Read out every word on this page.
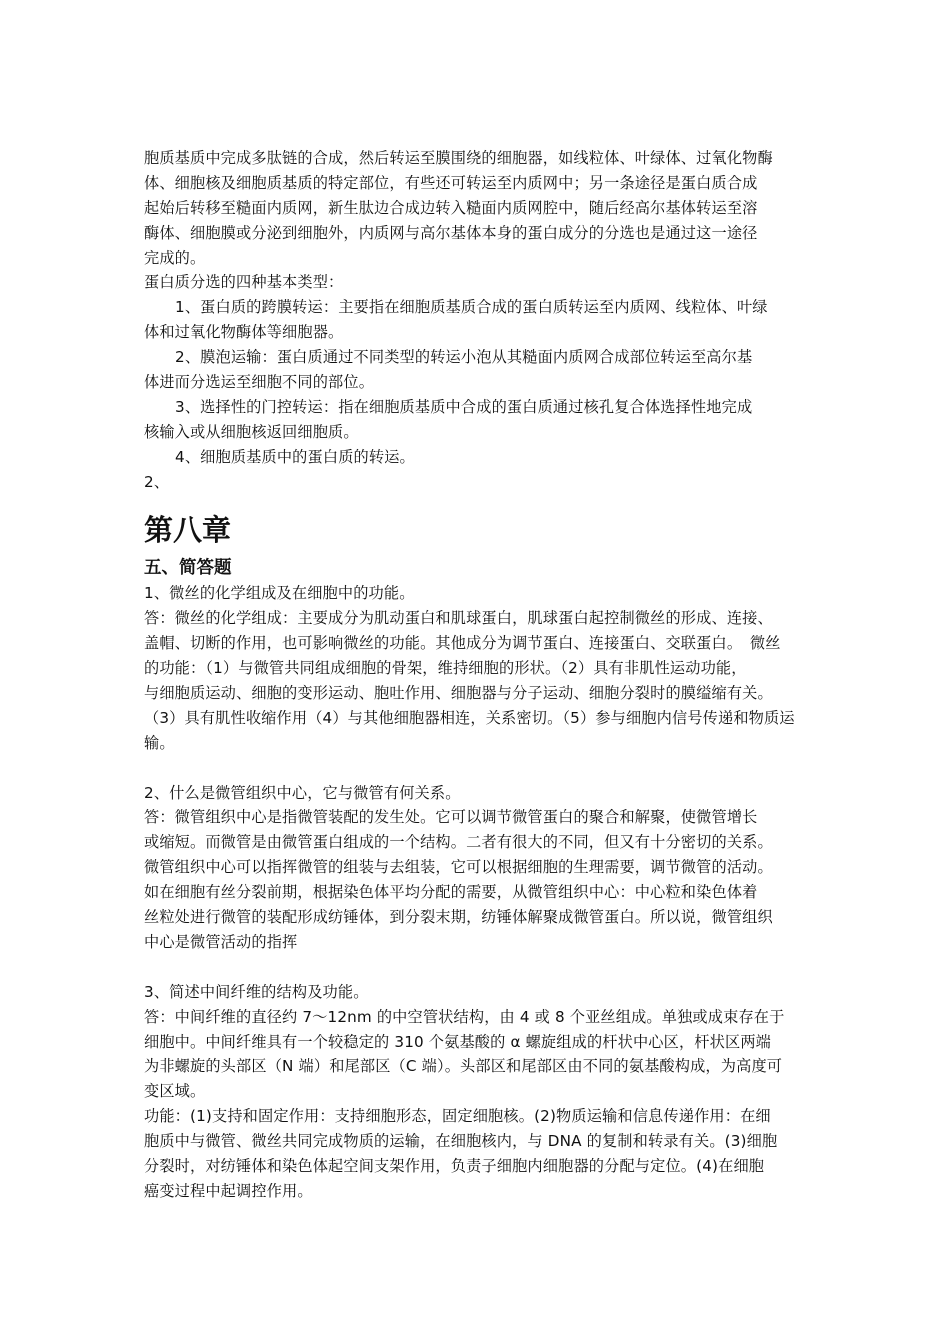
胞质基质中完成多肽链的合成，然后转运至膜围绕的细胞器，如线粒体、叶绿体、过氧化物酶
体、细胞核及细胞质基质的特定部位，有些还可转运至内质网中；另一条途径是蛋白质合成
起始后转移至糙面内质网，新生肽边合成边转入糙面内质网腔中，随后经高尔基体转运至溶
酶体、细胞膜或分泌到细胞外，内质网与高尔基体本身的蛋白成分的分选也是通过这一途径
完成的。
蛋白质分选的四种基本类型：
1、蛋白质的跨膜转运：主要指在细胞质基质合成的蛋白质转运至内质网、线粒体、叶绿
体和过氧化物酶体等细胞器。
2、膜泡运输：蛋白质通过不同类型的转运小泡从其糙面内质网合成部位转运至高尔基
体进而分选运至细胞不同的部位。
3、选择性的门控转运：指在细胞质基质中合成的蛋白质通过核孔复合体选择性地完成
核输入或从细胞核返回细胞质。
4、细胞质基质中的蛋白质的转运。
2、
第八章
五、简答题
1、微丝的化学组成及在细胞中的功能。
答：微丝的化学组成：主要成分为肌动蛋白和肌球蛋白，肌球蛋白起控制微丝的形成、连接、
盖帽、切断的作用，也可影响微丝的功能。其他成分为调节蛋白、连接蛋白、交联蛋白。　微丝
的功能：（1）与微管共同组成细胞的骨架，维持细胞的形状。（2）具有非肌性运动功能，
与细胞质运动、细胞的变形运动、胞吐作用、细胞器与分子运动、细胞分裂时的膜缢缩有关。
（3）具有肌性收缩作用（4）与其他细胞器相连，关系密切。（5）参与细胞内信号传递和物质运
输。
2、什么是微管组织中心，它与微管有何关系。
答：微管组织中心是指微管装配的发生处。它可以调节微管蛋白的聚合和解聚，使微管增长
或缩短。而微管是由微管蛋白组成的一个结构。二者有很大的不同，但又有十分密切的关系。
微管组织中心可以指挥微管的组装与去组装，它可以根据细胞的生理需要，调节微管的活动。
如在细胞有丝分裂前期，根据染色体平均分配的需要，从微管组织中心：中心粒和染色体着
丝粒处进行微管的装配形成纺锤体，到分裂末期，纺锤体解聚成微管蛋白。所以说，微管组织
中心是微管活动的指挥
3、简述中间纤维的结构及功能。
答：中间纤维的直径约 7～12nm 的中空管状结构，由 4 或 8 个亚丝组成。单独或成束存在于
细胞中。中间纤维具有一个较稳定的 310 个氨基酸的 α 螺旋组成的杆状中心区，杆状区两端
为非螺旋的头部区（N 端）和尾部区（C 端）。头部区和尾部区由不同的氨基酸构成，为高度可
变区域。
功能：(1)支持和固定作用：支持细胞形态，固定细胞核。(2)物质运输和信息传递作用：在细
胞质中与微管、微丝共同完成物质的运输，在细胞核内，与 DNA 的复制和转录有关。(3)细胞
分裂时，对纺锤体和染色体起空间支架作用，负责子细胞内细胞器的分配与定位。(4)在细胞
癌变过程中起调控作用。
